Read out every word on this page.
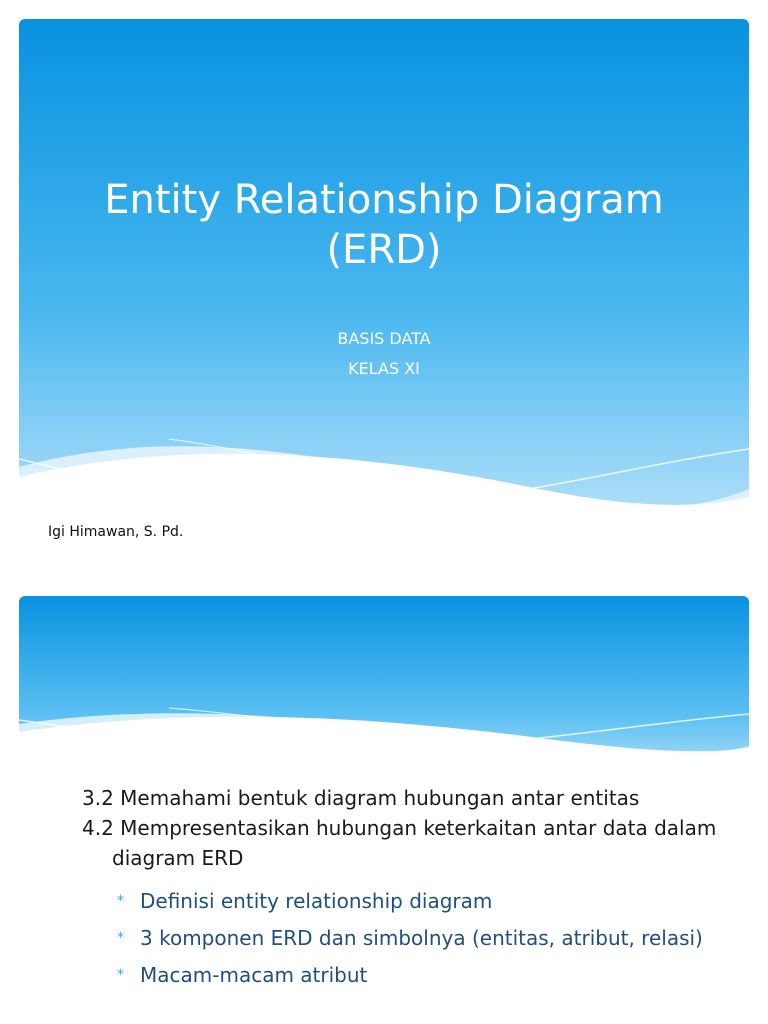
Entity Relationship Diagram
(ERD)

BASIS DATA
KELAS XI

Igi Himawan, S. Pd.

3.2 Memahami bentuk diagram hubungan antar entitas
4.2 Mempresentasikan hubungan keterkaitan antar data dalam diagram ERD
* Definisi entity relationship diagram
* 3 komponen ERD dan simbolnya (entitas, atribut, relasi)
* Macam-macam atribut
